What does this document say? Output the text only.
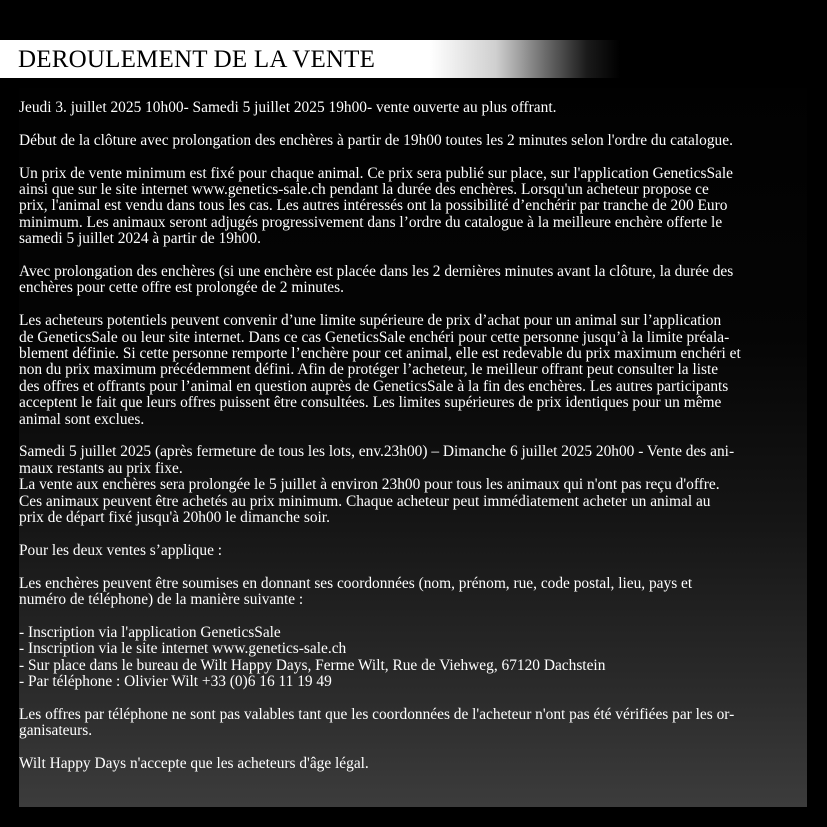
DEROULEMENT DE LA VENTE
Jeudi 3. juillet 2025 10h00- Samedi 5 juillet 2025 19h00- vente ouverte au plus offrant.
Début de la clôture avec prolongation des enchères à partir de 19h00 toutes les 2 minutes selon l'ordre du catalogue.
Un prix de vente minimum est fixé pour chaque animal. Ce prix sera publié sur place, sur l'application GeneticsSale
ainsi que sur le site internet www.genetics-sale.ch pendant la durée des enchères. Lorsqu'un acheteur propose ce
prix, l'animal est vendu dans tous les cas. Les autres intéressés ont la possibilité d’enchérir par tranche de 200 Euro
minimum. Les animaux seront adjugés progressivement dans l’ordre du catalogue à la meilleure enchère offerte le
samedi 5 juillet 2024 à partir de 19h00.
Avec prolongation des enchères (si une enchère est placée dans les 2 dernières minutes avant la clôture, la durée des
enchères pour cette offre est prolongée de 2 minutes.
Les acheteurs potentiels peuvent convenir d’une limite supérieure de prix d’achat pour un animal sur l’application
de GeneticsSale ou leur site internet. Dans ce cas GeneticsSale enchéri pour cette personne jusqu’à la limite préala-
blement définie. Si cette personne remporte l’enchère pour cet animal, elle est redevable du prix maximum enchéri et
non du prix maximum précédemment défini. Afin de protéger l’acheteur, le meilleur offrant peut consulter la liste
des offres et offrants pour l’animal en question auprès de GeneticsSale à la fin des enchères. Les autres participants
acceptent le fait que leurs offres puissent être consultées. Les limites supérieures de prix identiques pour un même
animal sont exclues.
Samedi 5 juillet 2025 (après fermeture de tous les lots, env.23h00) – Dimanche 6 juillet 2025 20h00 - Vente des ani-
maux restants au prix fixe.
La vente aux enchères sera prolongée le 5 juillet à environ 23h00 pour tous les animaux qui n'ont pas reçu d'offre.
Ces animaux peuvent être achetés au prix minimum. Chaque acheteur peut immédiatement acheter un animal au
prix de départ fixé jusqu'à 20h00 le dimanche soir.
Pour les deux ventes s’applique :
Les enchères peuvent être soumises en donnant ses coordonnées (nom, prénom, rue, code postal, lieu, pays et
numéro de téléphone) de la manière suivante :
- Inscription via l'application GeneticsSale
- Inscription via le site internet www.genetics-sale.ch
- Sur place dans le bureau de Wilt Happy Days, Ferme Wilt, Rue de Viehweg, 67120 Dachstein
- Par téléphone : Olivier Wilt +33 (0)6 16 11 19 49
Les offres par téléphone ne sont pas valables tant que les coordonnées de l'acheteur n'ont pas été vérifiées par les or-
ganisateurs.
Wilt Happy Days n'accepte que les acheteurs d'âge légal.
